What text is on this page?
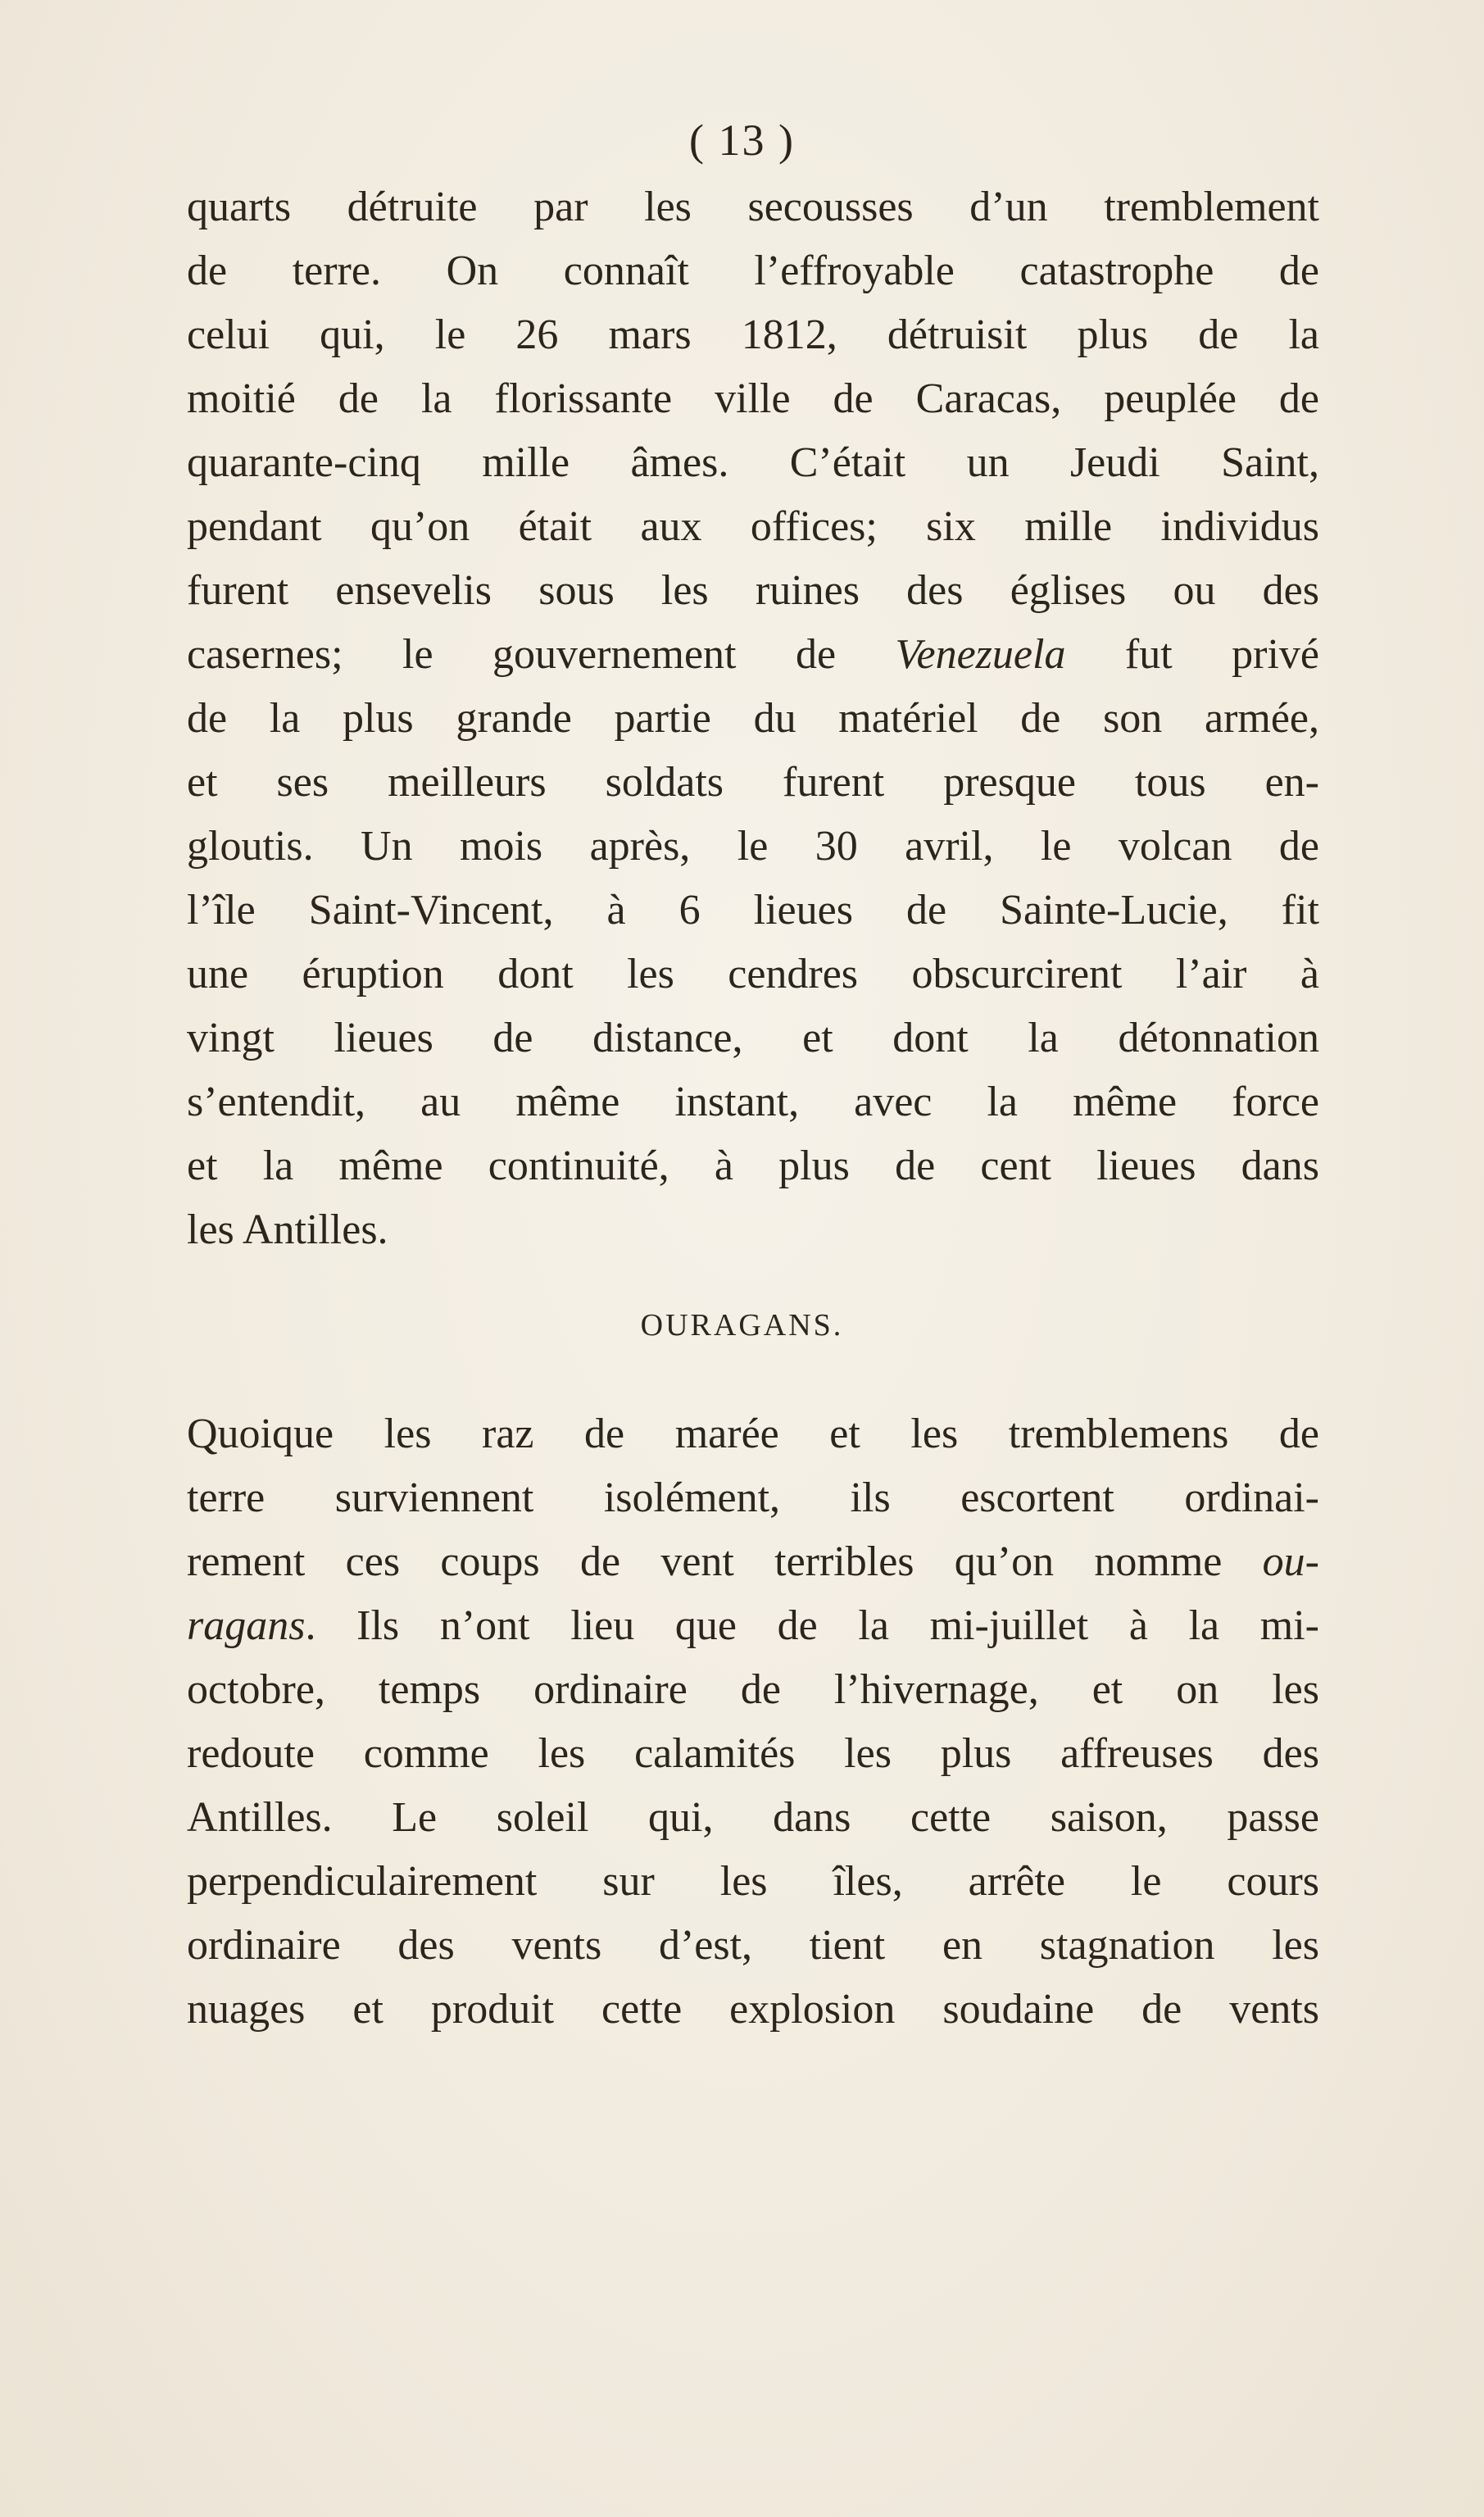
( 13 )
quarts détruite par les secousses d’un tremblement
de terre. On connaît l’effroyable catastrophe de
celui qui, le 26 mars 1812, détruisit plus de la
moitié de la florissante ville de Caracas, peuplée de
quarante-cinq mille âmes. C’était un Jeudi Saint,
pendant qu’on était aux offices; six mille individus
furent ensevelis sous les ruines des églises ou des
casernes; le gouvernement de Venezuela fut privé
de la plus grande partie du matériel de son armée,
et ses meilleurs soldats furent presque tous en-
gloutis. Un mois après, le 30 avril, le volcan de
l’île Saint-Vincent, à 6 lieues de Sainte-Lucie, fit
une éruption dont les cendres obscurcirent l’air à
vingt lieues de distance, et dont la détonnation
s’entendit, au même instant, avec la même force
et la même continuité, à plus de cent lieues dans
les Antilles.
OURAGANS.
Quoique les raz de marée et les tremblemens de
terre surviennent isolément, ils escortent ordinai-
rement ces coups de vent terribles qu’on nomme ou-
ragans. Ils n’ont lieu que de la mi-juillet à la mi-
octobre, temps ordinaire de l’hivernage, et on les
redoute comme les calamités les plus affreuses des
Antilles. Le soleil qui, dans cette saison, passe
perpendiculairement sur les îles, arrête le cours
ordinaire des vents d’est, tient en stagnation les
nuages et produit cette explosion soudaine de vents
